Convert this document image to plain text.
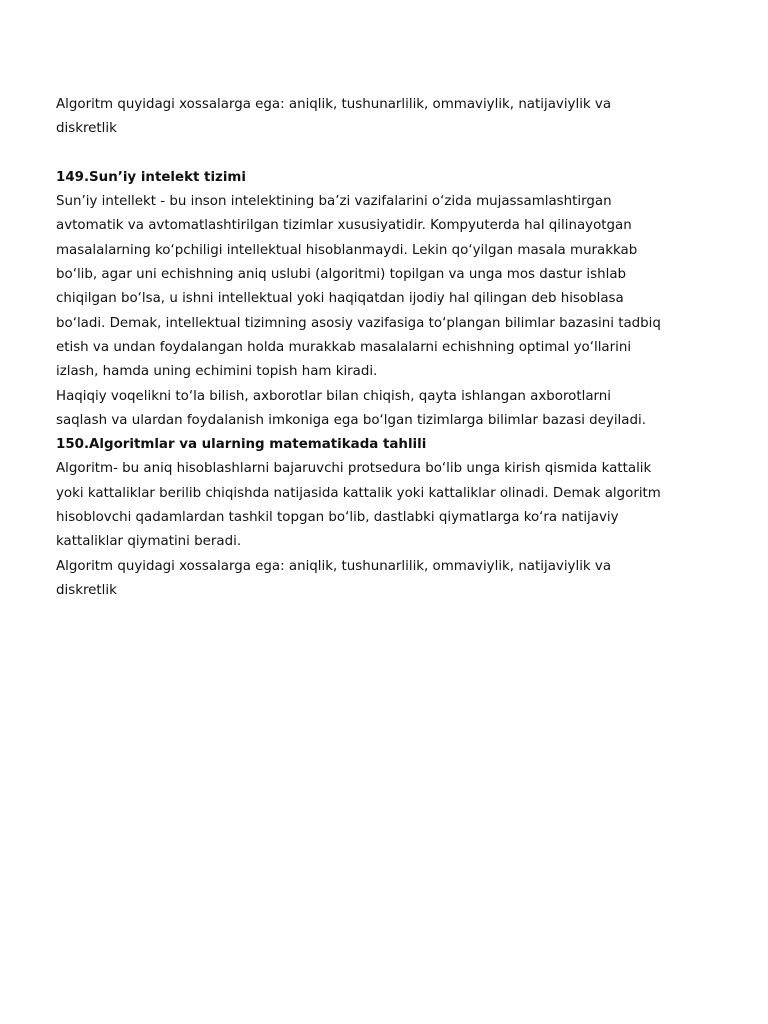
Algoritm quyidagi xossalarga ega: aniqlik, tushunarlilik, ommaviylik, natijaviylik va
diskretlik

149.Sun’iy intelekt tizimi

Sun’iy intellekt - bu inson intelektining ba’zi vazifalarini o‘zida mujassamlashtirgan
avtomatik va avtomatlashtirilgan tizimlar xususiyatidir. Kompyuterda hal qilinayotgan
masalalarning ko‘pchiligi intellektual hisoblanmaydi. Lekin qo‘yilgan masala murakkab
bo‘lib, agar uni echishning aniq uslubi (algoritmi) topilgan va unga mos dastur ishlab
chiqilgan bo‘lsa, u ishni intellektual yoki haqiqatdan ijodiy hal qilingan deb hisoblasa
bo‘ladi. Demak, intellektual tizimning asosiy vazifasiga to‘plangan bilimlar bazasini tadbiq
etish va undan foydalangan holda murakkab masalalarni echishning optimal yo‘llarini
izlash, hamda uning echimini topish ham kiradi.

Haqiqiy voqelikni to‘la bilish, axborotlar bilan chiqish, qayta ishlangan axborotlarni
saqlash va ulardan foydalanish imkoniga ega bo‘lgan tizimlarga bilimlar bazasi deyiladi.

150.Algoritmlar va ularning matematikada tahlili

Algoritm- bu aniq hisoblashlarni bajaruvchi protsedura bo‘lib unga kirish qismida kattalik
yoki kattaliklar berilib chiqishda natijasida kattalik yoki kattaliklar olinadi. Demak algoritm
hisoblovchi qadamlardan tashkil topgan bo‘lib, dastlabki qiymatlarga ko‘ra natijaviy
kattaliklar qiymatini beradi.

Algoritm quyidagi xossalarga ega: aniqlik, tushunarlilik, ommaviylik, natijaviylik va
diskretlik
